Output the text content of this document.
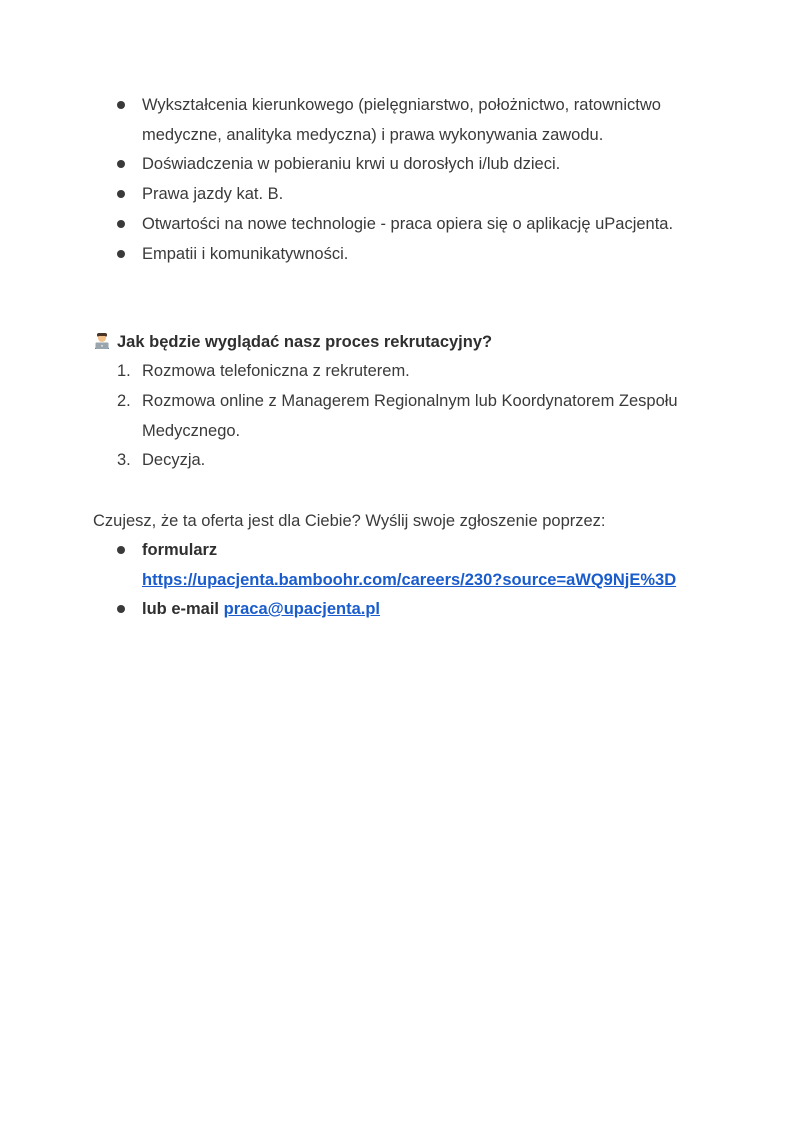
Wykształcenia kierunkowego (pielęgniarstwo, położnictwo, ratownictwo
medyczne, analityka medyczna) i prawa wykonywania zawodu.
Doświadczenia w pobieraniu krwi u dorosłych i/lub dzieci.
Prawa jazdy kat. B.
Otwartości na nowe technologie - praca opiera się o aplikację uPacjenta.
Empatii i komunikatywności.
Jak będzie wyglądać nasz proces rekrutacyjny?
1. Rozmowa telefoniczna z rekruterem.
2. Rozmowa online z Managerem Regionalnym lub Koordynatorem Zespołu
Medycznego.
3. Decyzja.
Czujesz, że ta oferta jest dla Ciebie? Wyślij swoje zgłoszenie poprzez:
formularz
https://upacjenta.bamboohr.com/careers/230?source=aWQ9NjE%3D
lub e-mail praca@upacjenta.pl
